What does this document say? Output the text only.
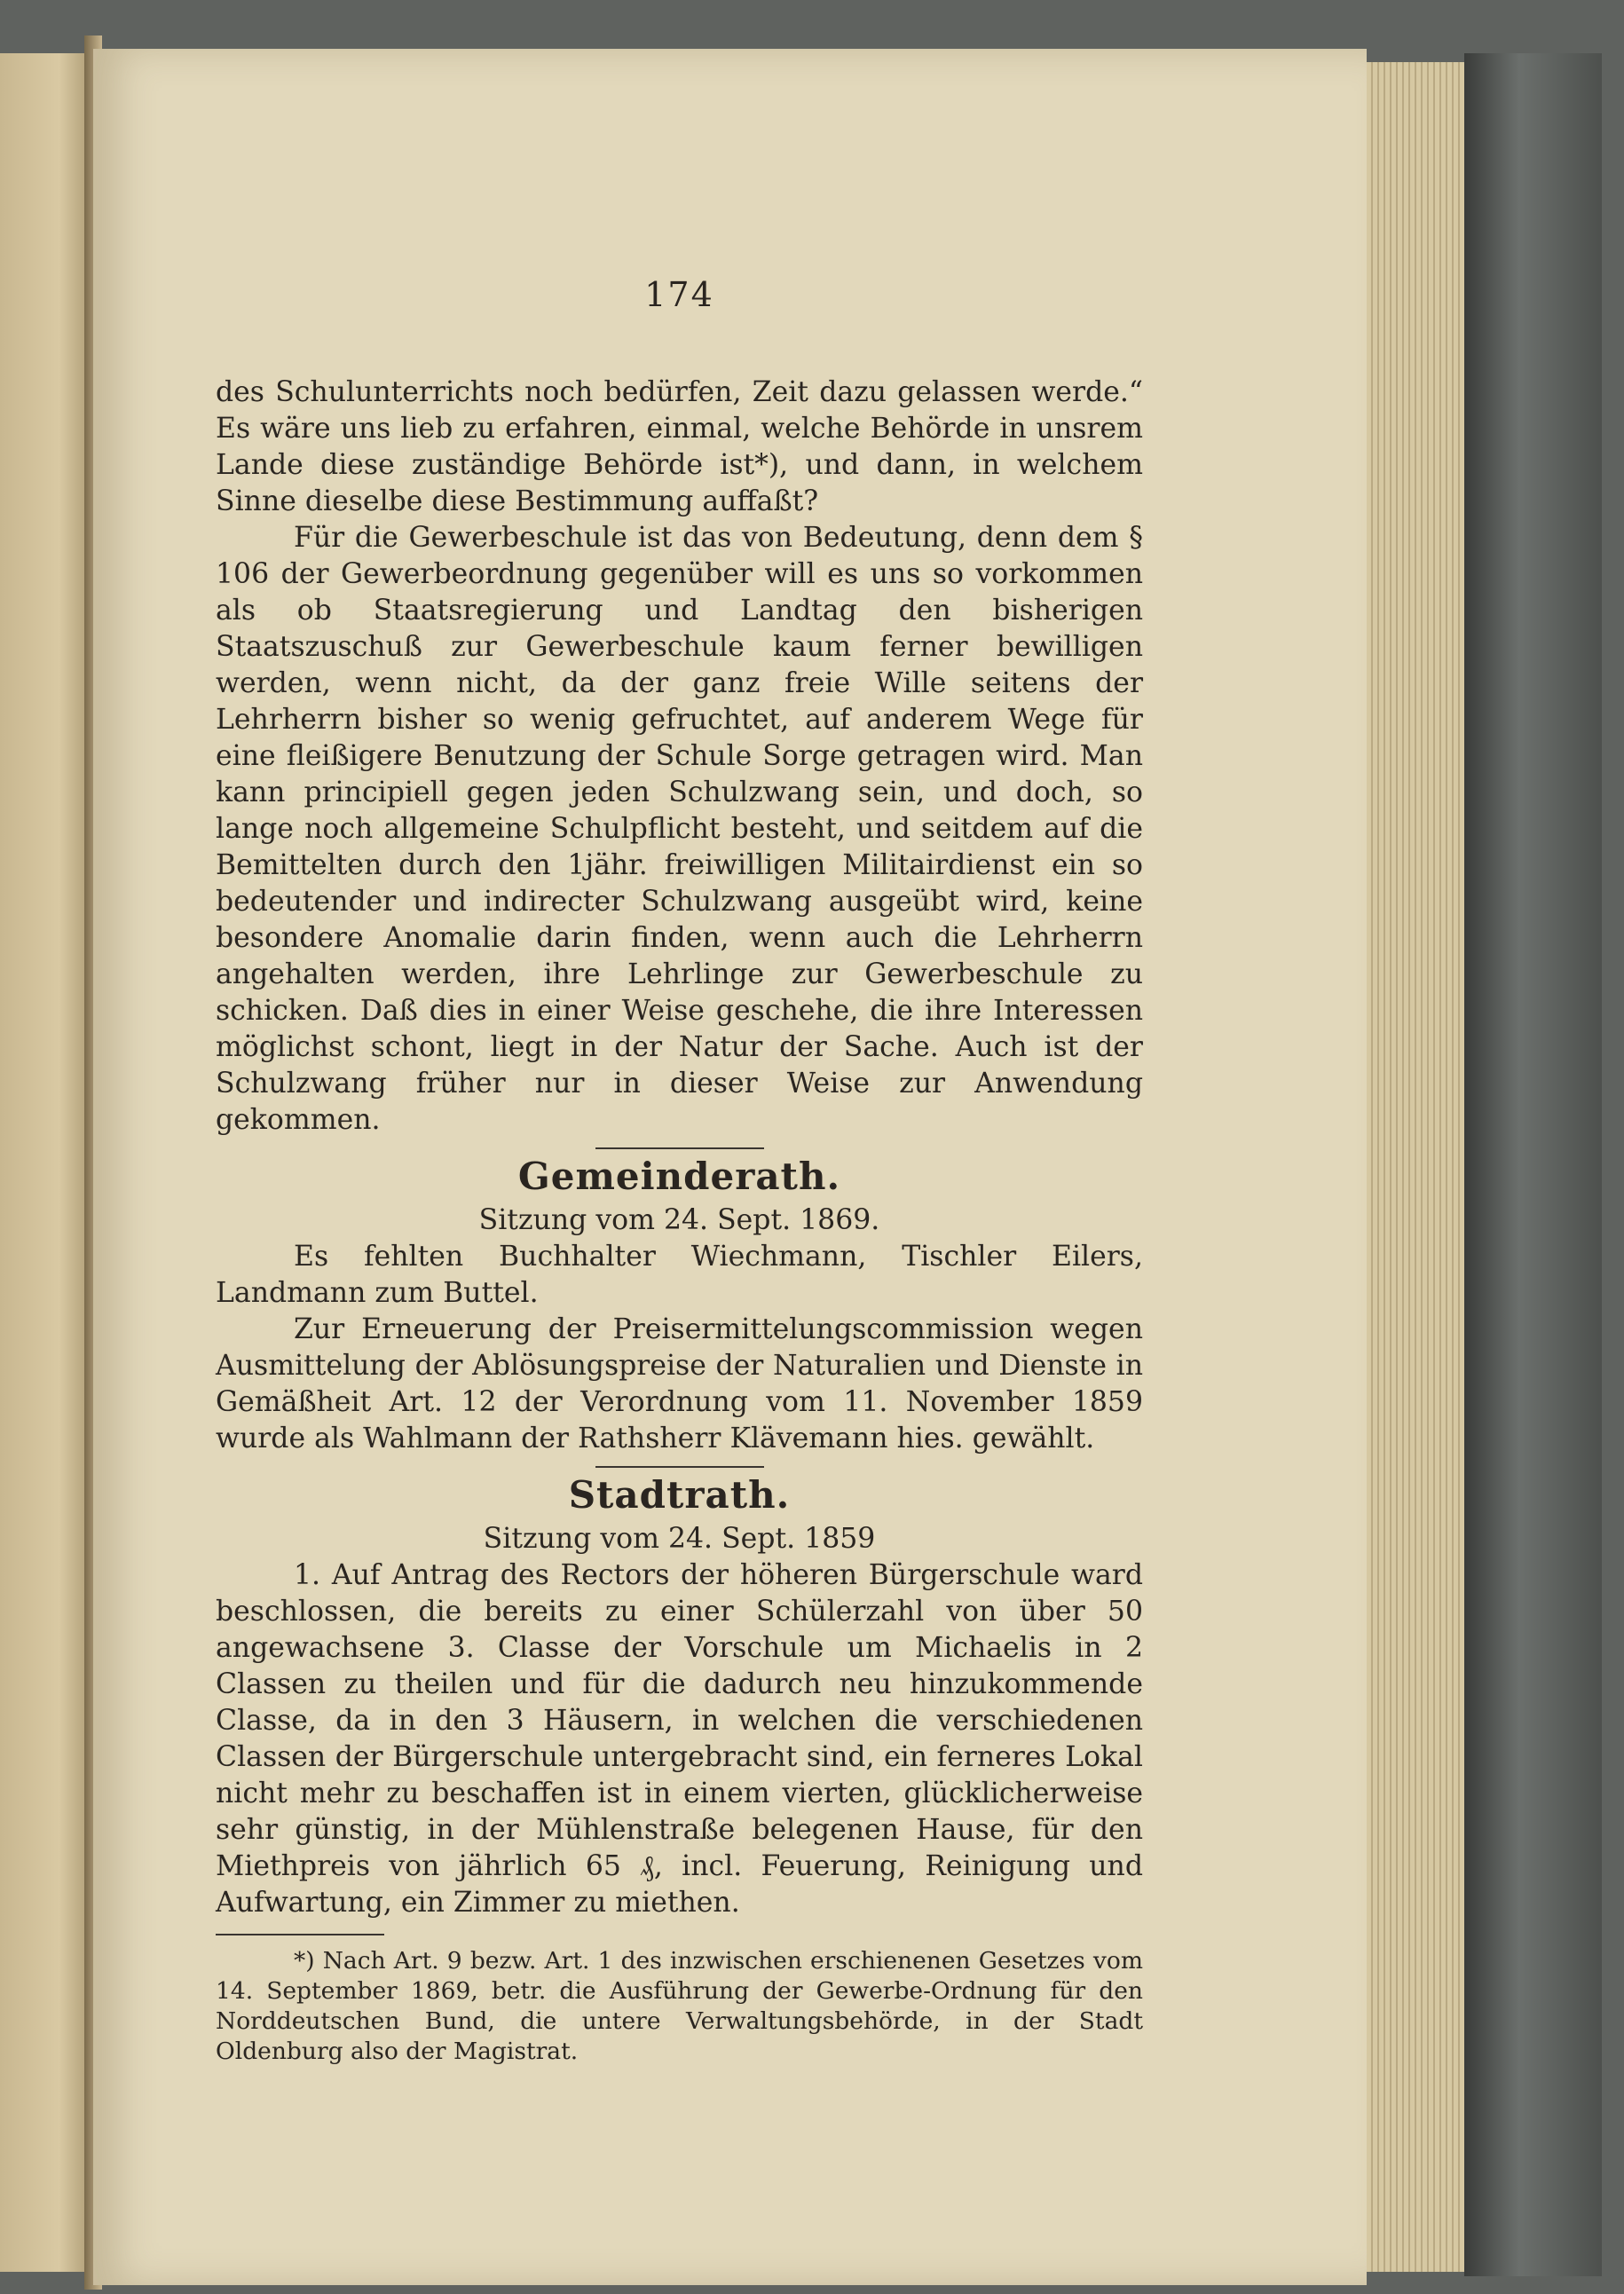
174

des Schulunterrichts noch bedürfen, Zeit dazu gelassen werde.“ Es wäre uns lieb zu erfahren, einmal, welche Behörde in unsrem Lande diese zuständige Behörde ist*), und dann, in welchem Sinne dieselbe diese Bestimmung auffaßt?

Für die Gewerbeschule ist das von Bedeutung, denn dem § 106 der Gewerbeordnung gegenüber will es uns so vorkommen als ob Staatsregierung und Landtag den bisherigen Staatszuschuß zur Gewerbeschule kaum ferner bewilligen werden, wenn nicht, da der ganz freie Wille seitens der Lehrherrn bisher so wenig gefruchtet, auf anderem Wege für eine fleißigere Benutzung der Schule Sorge getragen wird. Man kann principiell gegen jeden Schulzwang sein, und doch, so lange noch allgemeine Schulpflicht besteht, und seitdem auf die Bemittelten durch den 1jähr. freiwilligen Militairdienst ein so bedeutender und indirecter Schulzwang ausgeübt wird, keine besondere Anomalie darin finden, wenn auch die Lehrherrn angehalten werden, ihre Lehrlinge zur Gewerbeschule zu schicken. Daß dies in einer Weise geschehe, die ihre Interessen möglichst schont, liegt in der Natur der Sache. Auch ist der Schulzwang früher nur in dieser Weise zur Anwendung gekommen.

Gemeinderath.

Sitzung vom 24. Sept. 1869.

Es fehlten Buchhalter Wiechmann, Tischler Eilers, Landmann zum Buttel.

Zur Erneuerung der Preisermittelungscommission wegen Ausmittelung der Ablösungspreise der Naturalien und Dienste in Gemäßheit Art. 12 der Verordnung vom 11. November 1859 wurde als Wahlmann der Rathsherr Klävemann hies. gewählt.

Stadtrath.

Sitzung vom 24. Sept. 1859

1. Auf Antrag des Rectors der höheren Bürgerschule ward beschlossen, die bereits zu einer Schülerzahl von über 50 angewachsene 3. Classe der Vorschule um Michaelis in 2 Classen zu theilen und für die dadurch neu hinzukommende Classe, da in den 3 Häusern, in welchen die verschiedenen Classen der Bürgerschule untergebracht sind, ein ferneres Lokal nicht mehr zu beschaffen ist in einem vierten, glücklicherweise sehr günstig, in der Mühlenstraße belegenen Hause, für den Miethpreis von jährlich 65 ₰, incl. Feuerung, Reinigung und Aufwartung, ein Zimmer zu miethen.

*) Nach Art. 9 bezw. Art. 1 des inzwischen erschienenen Gesetzes vom 14. September 1869, betr. die Ausführung der Gewerbe-Ordnung für den Norddeutschen Bund, die untere Verwaltungsbehörde, in der Stadt Oldenburg also der Magistrat.
